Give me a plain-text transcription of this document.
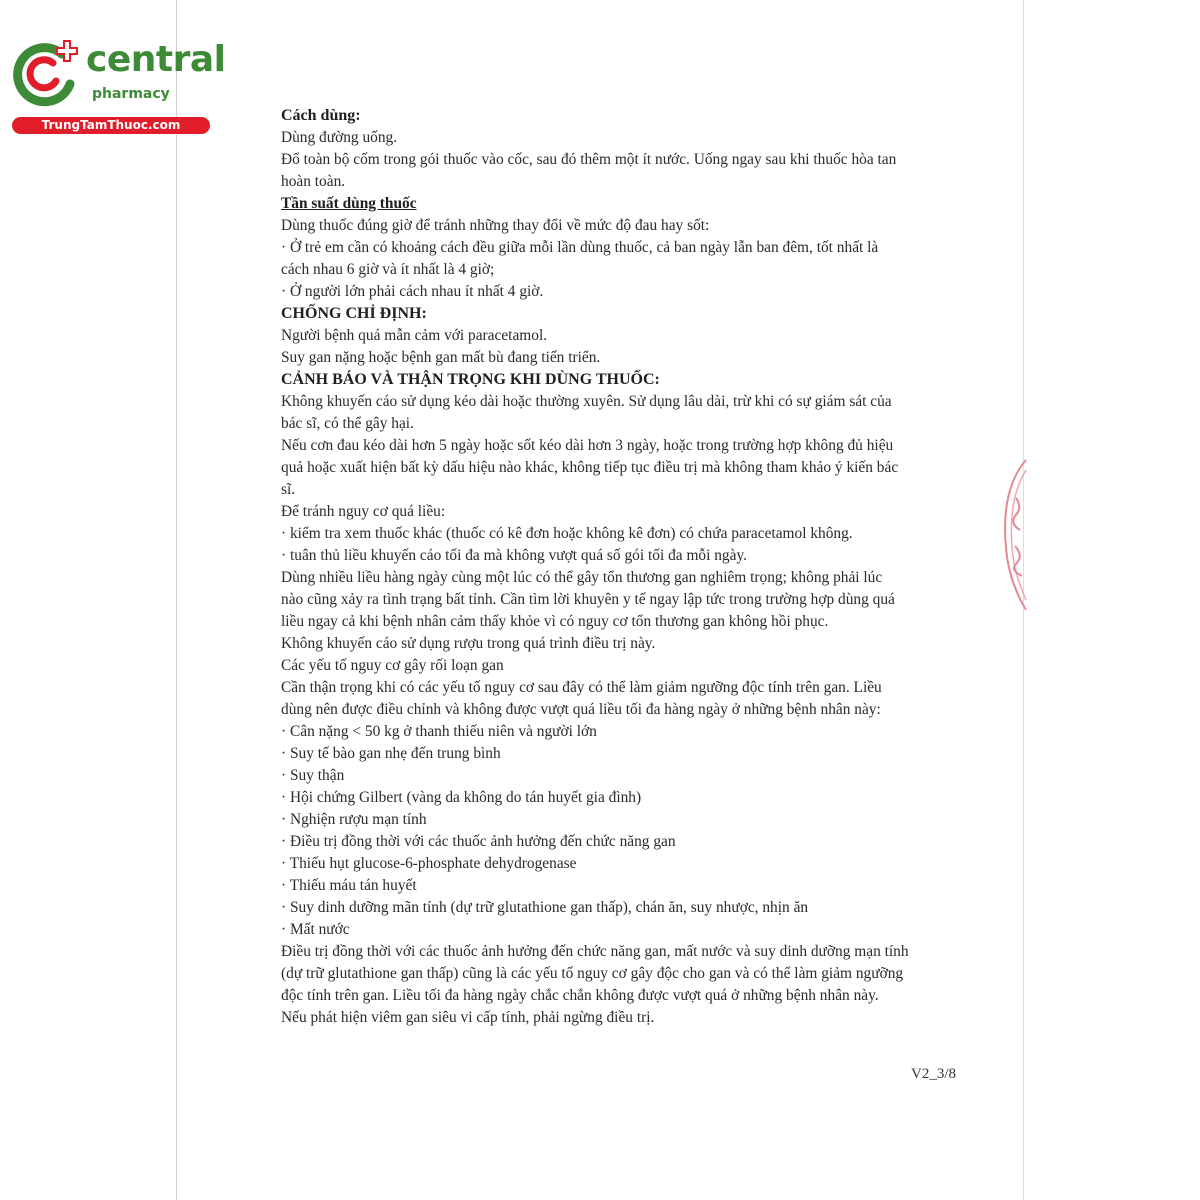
central
pharmacy
TrungTamThuoc.com
Cách dùng:
Dùng đường uống.
Đổ toàn bộ cốm trong gói thuốc vào cốc, sau đó thêm một ít nước. Uống ngay sau khi thuốc hòa tan
hoàn toàn.
Tần suất dùng thuốc
Dùng thuốc đúng giờ để tránh những thay đổi về mức độ đau hay sốt:
· Ở trẻ em cần có khoảng cách đều giữa mỗi lần dùng thuốc, cả ban ngày lẫn ban đêm, tốt nhất là
cách nhau 6 giờ và ít nhất là 4 giờ;
· Ở người lớn phải cách nhau ít nhất 4 giờ.
CHỐNG CHỈ ĐỊNH:
Người bệnh quá mẫn cảm với paracetamol.
Suy gan nặng hoặc bệnh gan mất bù đang tiến triển.
CẢNH BÁO VÀ THẬN TRỌNG KHI DÙNG THUỐC:
Không khuyến cáo sử dụng kéo dài hoặc thường xuyên. Sử dụng lâu dài, trừ khi có sự giám sát của
bác sĩ, có thể gây hại.
Nếu cơn đau kéo dài hơn 5 ngày hoặc sốt kéo dài hơn 3 ngày, hoặc trong trường hợp không đủ hiệu
quả hoặc xuất hiện bất kỳ dấu hiệu nào khác, không tiếp tục điều trị mà không tham khảo ý kiến bác
sĩ.
Để tránh nguy cơ quá liều:
· kiểm tra xem thuốc khác (thuốc có kê đơn hoặc không kê đơn) có chứa paracetamol không.
· tuân thủ liều khuyến cáo tối đa mà không vượt quá số gói tối đa mỗi ngày.
Dùng nhiều liều hàng ngày cùng một lúc có thể gây tổn thương gan nghiêm trọng; không phải lúc
nào cũng xảy ra tình trạng bất tỉnh. Cần tìm lời khuyên y tế ngay lập tức trong trường hợp dùng quá
liều ngay cả khi bệnh nhân cảm thấy khỏe vì có nguy cơ tổn thương gan không hồi phục.
Không khuyến cáo sử dụng rượu trong quá trình điều trị này.
Các yếu tố nguy cơ gây rối loạn gan
Cần thận trọng khi có các yếu tố nguy cơ sau đây có thể làm giảm ngưỡng độc tính trên gan. Liều
dùng nên được điều chỉnh và không được vượt quá liều tối đa hàng ngày ở những bệnh nhân này:
· Cân nặng < 50 kg ở thanh thiếu niên và người lớn
· Suy tế bào gan nhẹ đến trung bình
· Suy thận
· Hội chứng Gilbert (vàng da không do tán huyết gia đình)
· Nghiện rượu mạn tính
· Điều trị đồng thời với các thuốc ảnh hưởng đến chức năng gan
· Thiếu hụt glucose-6-phosphate dehydrogenase
· Thiếu máu tán huyết
· Suy dinh dưỡng mãn tính (dự trữ glutathione gan thấp), chán ăn, suy nhược, nhịn ăn
· Mất nước
Điều trị đồng thời với các thuốc ảnh hưởng đến chức năng gan, mất nước và suy dinh dưỡng mạn tính
(dự trữ glutathione gan thấp) cũng là các yếu tố nguy cơ gây độc cho gan và có thể làm giảm ngưỡng
độc tính trên gan. Liều tối đa hàng ngày chắc chắn không được vượt quá ở những bệnh nhân này.
Nếu phát hiện viêm gan siêu vi cấp tính, phải ngừng điều trị.
V2_3/8
